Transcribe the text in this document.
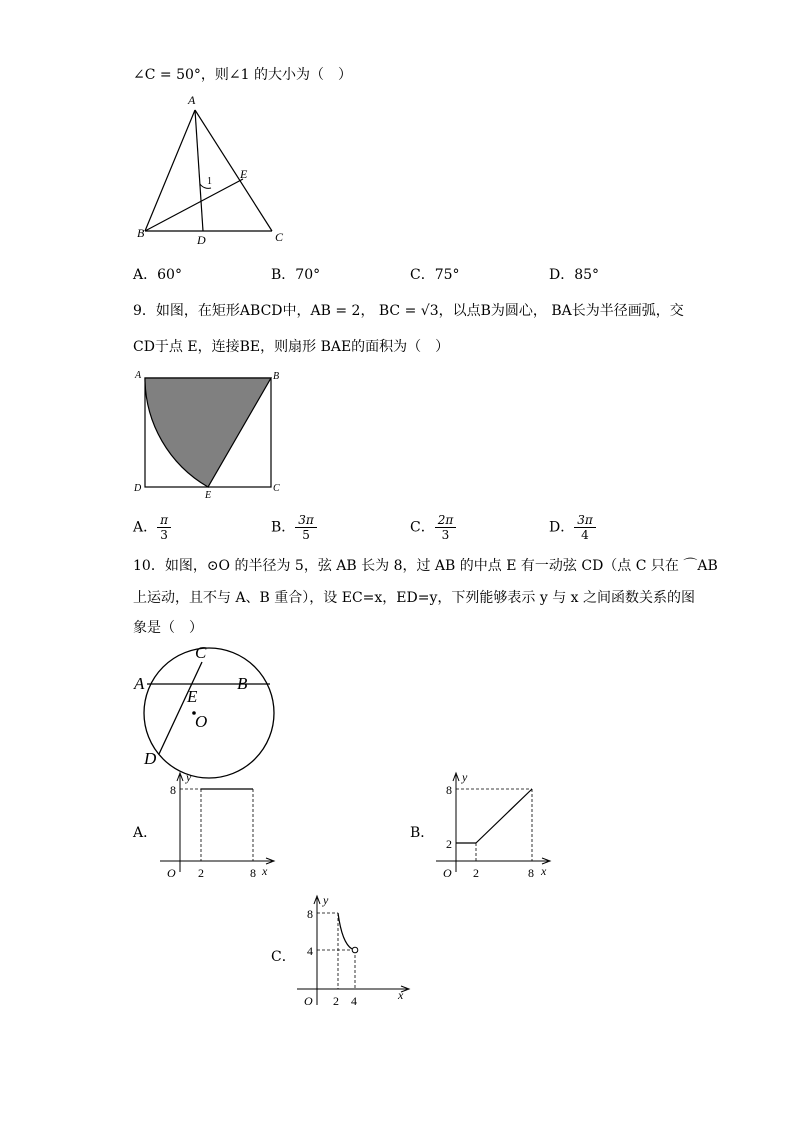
∠C = 50°，则∠1 的大小为（　）
A
B	C
D
E
1
A．60°	B．70°	C．75°	D．85°
9．如图，在矩形ABCD中，AB = 2， BC = √3，以点B为圆心， BA长为半径画弧，交
CD于点 E，连接BE，则扇形 BAE的面积为（　）
A	B
C
D
E
A． $\frac{\pi}{3}$	B． $\frac{3\pi}{5}$	C． $\frac{2\pi}{3}$	D． $\frac{3\pi}{4}$
10．如图，⊙O 的半径为 5，弦 AB 长为 8，过 AB 的中点 E 有一动弦 CD（点 C 只在 ⌒AB
上运动，且不与 A、B 重合），设 EC=x，ED=y，下列能够表示 y 与 x 之间函数关系的图
象是（　）
A	B
C
D
E
O
A．
y
x
O
8
2	8
B．
y
x
O
8
2
2	8
C．
y
x
O
8
4
2 4
